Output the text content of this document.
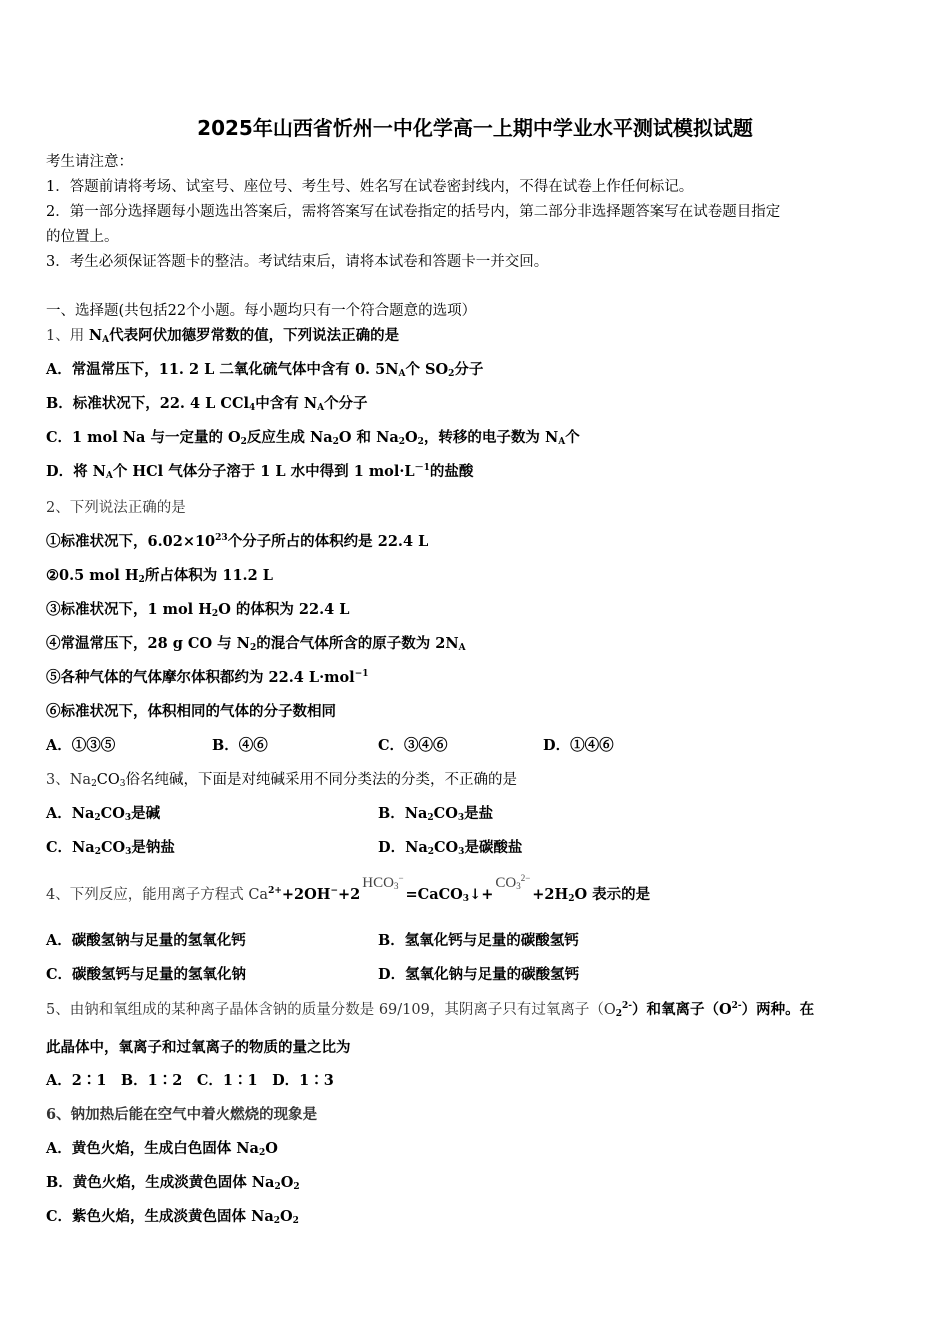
2025年山西省忻州一中化学高一上期中学业水平测试模拟试题
考生请注意：
1．答题前请将考场、试室号、座位号、考生号、姓名写在试卷密封线内，不得在试卷上作任何标记。
2．第一部分选择题每小题选出答案后，需将答案写在试卷指定的括号内，第二部分非选择题答案写在试卷题目指定
的位置上。
3．考生必须保证答题卡的整洁。考试结束后，请将本试卷和答题卡一并交回。
一、选择题(共包括22个小题。每小题均只有一个符合题意的选项）
1、用 $N_A$代表阿伏加德罗常数的值，下列说法正确的是
A．常温常压下，11. 2 L 二氧化硫气体中含有 0. $5N_A$个 $SO_2$分子
B．标准状况下，22. 4 L CCl$_4$中含有 $N_A$个分子
C．1 mol Na 与一定量的 $O_2$反应生成 $Na_2O$ 和 $Na_2O_2$，转移的电子数为 $N_A$个
D．将 $N_A$个 HCl 气体分子溶于 1 L 水中得到 1 $mol\cdot L^{-1}$的盐酸
2、下列说法正确的是
①标准状况下，$6.02\times 10^{23}$个分子所占的体积约是 22.4 L
②0.5 mol $H_2$所占体积为 11.2 L
③标准状况下，1 mol $H_2O$ 的体积为 22.4 L
④常温常压下，28 g CO 与 $N_2$的混合气体所含的原子数为 $2N_A$
⑤各种气体的气体摩尔体积都约为 22.4 L·mol$^{-1}$
⑥标准状况下，体积相同的气体的分子数相同
A．①③⑤	B．④⑥	C．③④⑥	D．①④⑥
3、$Na_2CO_3$俗名纯碱，下面是对纯碱采用不同分类法的分类，不正确的是
A．$Na_2CO_3$是碱	B．$Na_2CO_3$是盐
C．$Na_2CO_3$是钠盐	D．$Na_2CO_3$是碳酸盐
4、下列反应，能用离子方程式 $Ca^{2+}+2OH^-+2HCO_3^-=CaCO_3↓+CO_3^{2-}+2H_2O$ 表示的是
A．碳酸氢钠与足量的氢氧化钙	B．氢氧化钙与足量的碳酸氢钙
C．碳酸氢钙与足量的氢氧化钠	D．氢氧化钠与足量的碳酸氢钙
5、由钠和氧组成的某种离子晶体含钠的质量分数是 69/109，其阴离子只有过氧离子$(O_2^{2-})$和氧离子$(O^{2-})$两种。在
此晶体中，氧离子和过氧离子的物质的量之比为
A．2∶1　B．1∶2　C．1∶1　D．1∶3
6、钠加热后能在空气中着火燃烧的现象是
A．黄色火焰，生成白色固体 $Na_2O$
B．黄色火焰，生成淡黄色固体 $Na_2O_2$
C．紫色火焰，生成淡黄色固体 $Na_2O_2$
